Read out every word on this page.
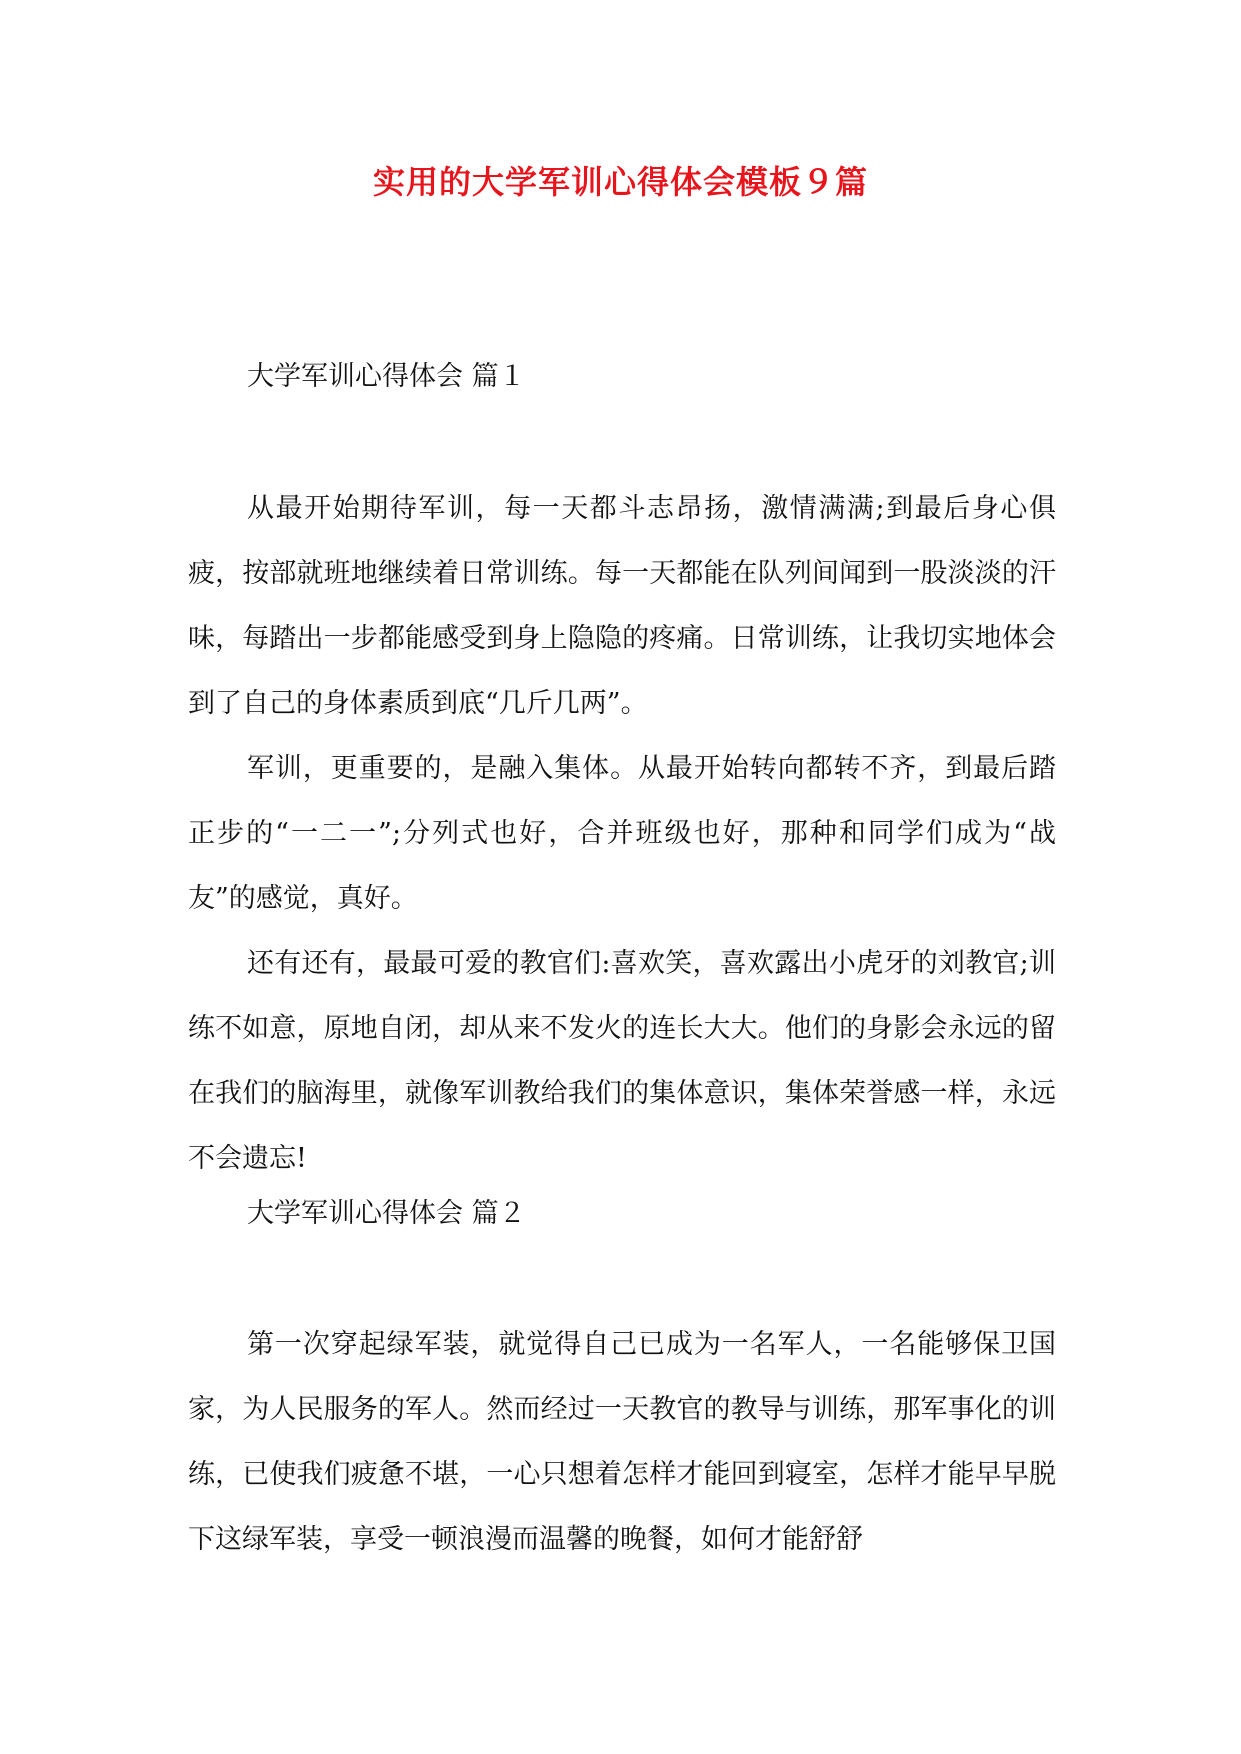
实用的大学军训心得体会模板９篇
大学军训心得体会 篇１

从最开始期待军训，每一天都斗志昂扬，激情满满;到最后身心俱疲，按部就班地继续着日常训练。每一天都能在队列间闻到一股淡淡的汗味，每踏出一步都能感受到身上隐隐的疼痛。日常训练，让我切实地体会到了自己的身体素质到底“几斤几两”。

军训，更重要的，是融入集体。从最开始转向都转不齐，到最后踏正步的“一二一”;分列式也好，合并班级也好，那种和同学们成为“战友”的感觉，真好。

还有还有，最最可爱的教官们:喜欢笑，喜欢露出小虎牙的刘教官;训练不如意，原地自闭，却从来不发火的连长大大。他们的身影会永远的留在我们的脑海里，就像军训教给我们的集体意识，集体荣誉感一样，永远不会遗忘!

大学军训心得体会 篇２

第一次穿起绿军装，就觉得自己已成为一名军人，一名能够保卫国家，为人民服务的军人。然而经过一天教官的教导与训练，那军事化的训练，已使我们疲惫不堪，一心只想着怎样才能回到寝室，怎样才能早早脱下这绿军装，享受一顿浪漫而温馨的晚餐，如何才能舒舒
